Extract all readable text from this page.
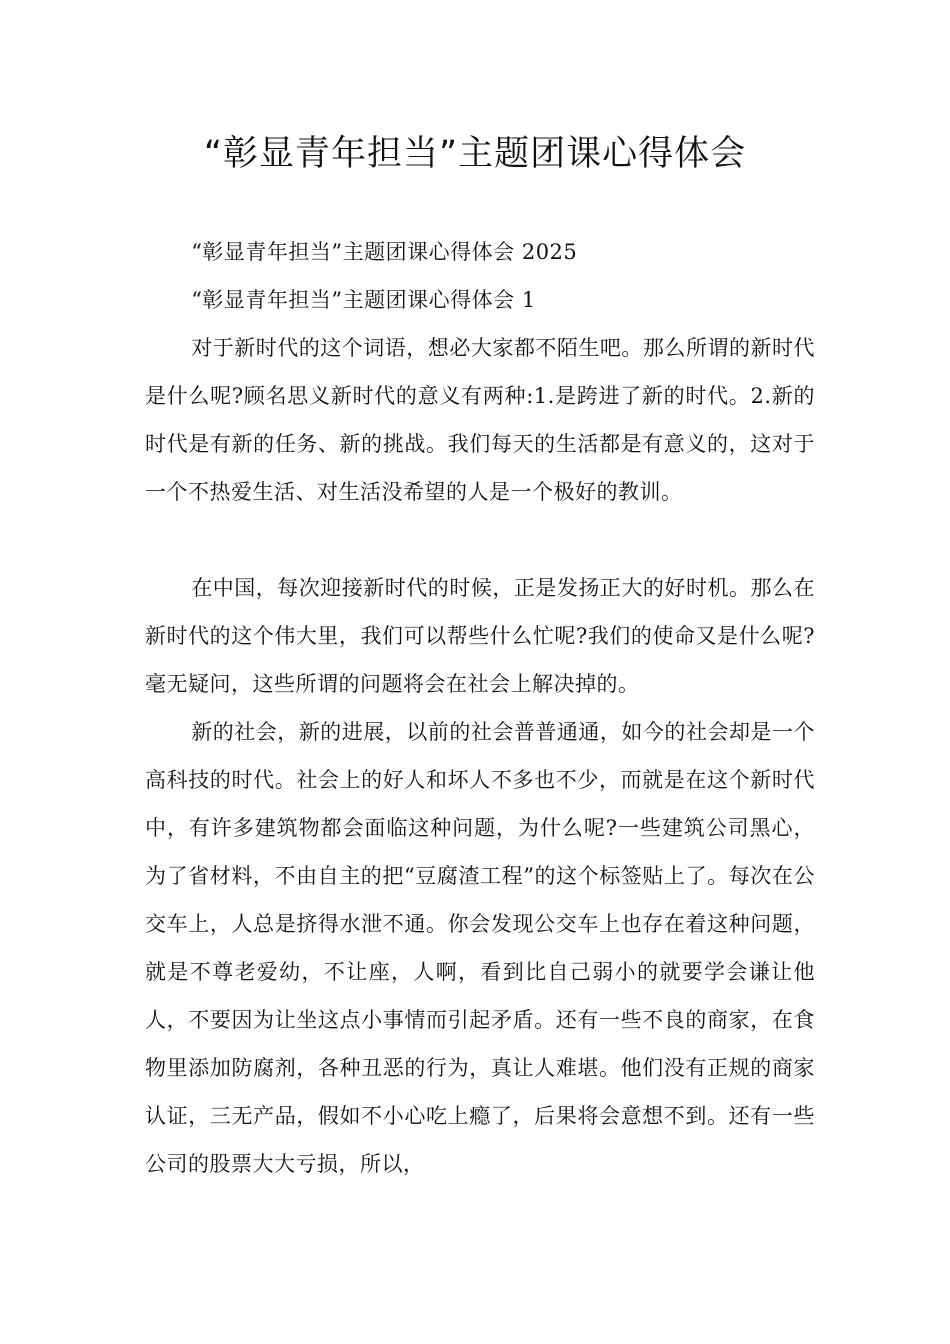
“彰显青年担当”主题团课心得体会

“彰显青年担当”主题团课心得体会 2025

“彰显青年担当”主题团课心得体会 1

对于新时代的这个词语，想必大家都不陌生吧。那么所谓的新时代是什么呢?顾名思义新时代的意义有两种:1.是跨进了新的时代。2.新的时代是有新的任务、新的挑战。我们每天的生活都是有意义的，这对于一个不热爱生活、对生活没希望的人是一个极好的教训。

在中国，每次迎接新时代的时候，正是发扬正大的好时机。那么在新时代的这个伟大里，我们可以帮些什么忙呢?我们的使命又是什么呢?毫无疑问，这些所谓的问题将会在社会上解决掉的。

新的社会，新的进展，以前的社会普普通通，如今的社会却是一个高科技的时代。社会上的好人和坏人不多也不少，而就是在这个新时代中，有许多建筑物都会面临这种问题，为什么呢?一些建筑公司黑心，为了省材料，不由自主的把“豆腐渣工程”的这个标签贴上了。每次在公交车上，人总是挤得水泄不通。你会发现公交车上也存在着这种问题，就是不尊老爱幼，不让座，人啊，看到比自己弱小的就要学会谦让他人，不要因为让坐这点小事情而引起矛盾。还有一些不良的商家，在食物里添加防腐剂，各种丑恶的行为，真让人难堪。他们没有正规的商家认证，三无产品，假如不小心吃上瘾了，后果将会意想不到。还有一些公司的股票大大亏损，所以，
